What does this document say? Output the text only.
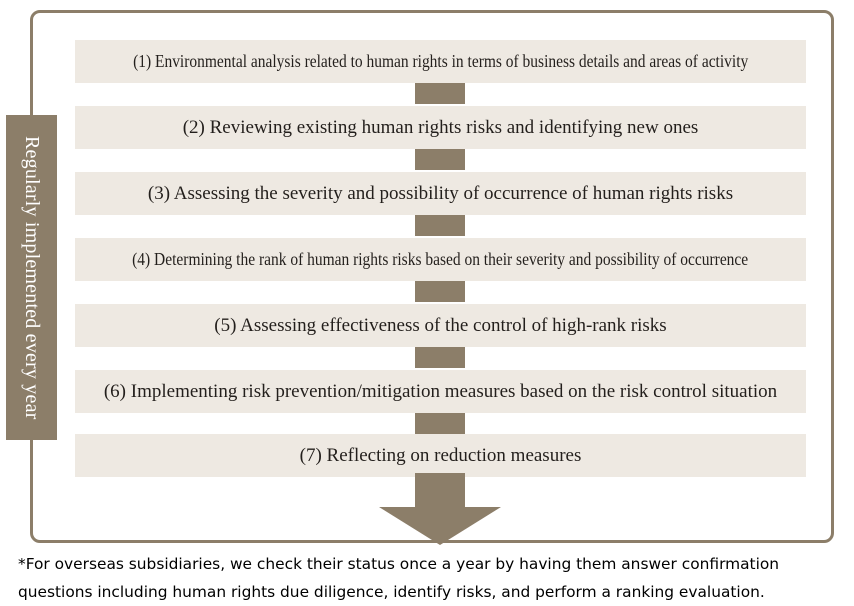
(1) Environmental analysis related to human rights in terms of business details and areas of activity
(2) Reviewing existing human rights risks and identifying new ones
(3) Assessing the severity and possibility of occurrence of human rights risks
(4) Determining the rank of human rights risks based on their severity and possibility of occurrence
(5) Assessing effectiveness of the control of high-rank risks
(6) Implementing risk prevention/mitigation measures based on the risk control situation
(7) Reflecting on reduction measures
Regularly implemented every year
*For overseas subsidiaries, we check their status once a year by having them answer confirmation
questions including human rights due diligence, identify risks, and perform a ranking evaluation.
